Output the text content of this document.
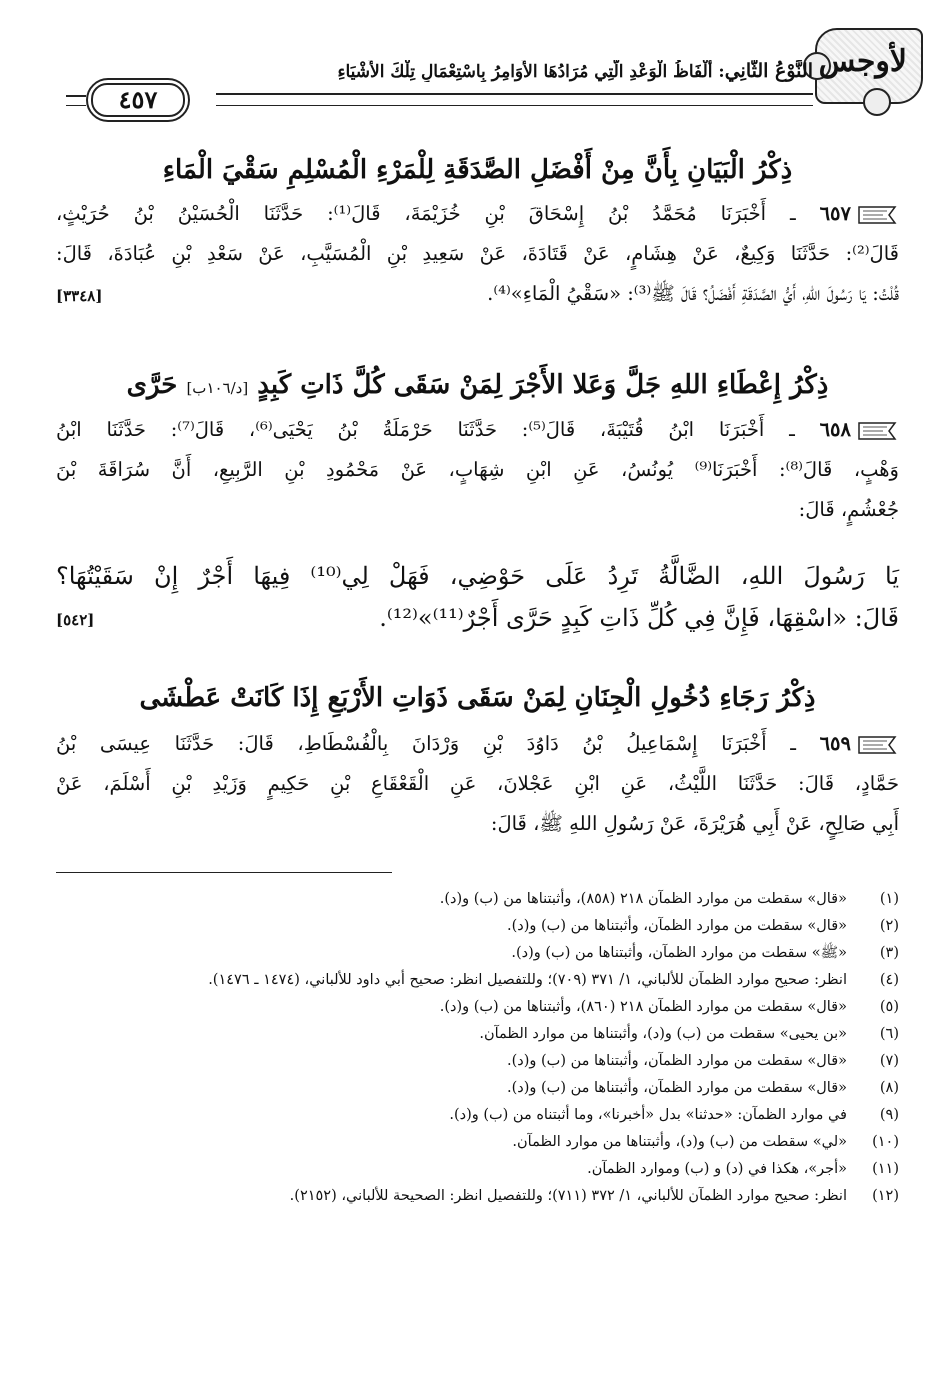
لأوجس
النَّوْعُ الثَّانِي: أَلْفَاظُ الْوَعْدِ الَّتِي مُرَادُهَا الأَوَامِرُ بِاسْتِعْمَالِ تِلْكَ الأَشْيَاءِ
٤٥٧
ذِكْرُ الْبَيَانِ بِأَنَّ مِنْ أَفْضَلِ الصَّدَقَةِ لِلْمَرْءِ الْمُسْلِمِ سَقْيَ الْمَاءِ
٦٥٧ ـ أَخْبَرَنَا مُحَمَّدُ بْنُ إِسْحَاقَ بْنِ خُزَيْمَةَ، قَالَ⁽¹⁾: حَدَّثَنَا الْحُسَيْنُ بْنُ حُرَيْثٍ،
قَالَ⁽²⁾: حَدَّثَنَا وَكِيعٌ، عَنْ هِشَامٍ، عَنْ قَتَادَةَ، عَنْ سَعِيدِ بْنِ الْمُسَيَّبِ، عَنْ سَعْدِ بْنِ عُبَادَةَ، قَالَ:
قُلْتُ: يَا رَسُولَ اللهِ، أَيُّ الصَّدَقَةِ أَفْضَلُ؟ قَالَ ﷺ⁽³⁾: «سَقْيُ الْمَاءِ»⁽⁴⁾.
[٣٣٤٨]
ذِكْرُ إِعْطَاءِ اللهِ جَلَّ وَعَلا الأَجْرَ لِمَنْ سَقَى كُلَّ ذَاتِ كَبِدٍ [د/١٠٦ب] حَرَّى
٦٥٨ ـ أَخْبَرَنَا ابْنُ قُتَيْبَةَ، قَالَ⁽⁵⁾: حَدَّثَنَا حَرْمَلَةُ بْنُ يَحْيَى⁽⁶⁾، قَالَ⁽⁷⁾: حَدَّثَنَا ابْنُ
وَهْبٍ، قَالَ⁽⁸⁾: أَخْبَرَنَا⁽⁹⁾ يُونُسُ، عَنِ ابْنِ شِهَابٍ، عَنْ مَحْمُودِ بْنِ الرَّبِيعِ، أَنَّ سُرَاقَةَ بْنَ
جُعْشُمٍ، قَالَ:
يَا رَسُولَ اللهِ، الضَّالَّةُ تَرِدُ عَلَى حَوْضِي، فَهَلْ لِي⁽¹⁰⁾ فِيهَا أَجْرٌ إِنْ سَقَيْتُهَا؟
قَالَ: «اسْقِهَا، فَإِنَّ فِي كُلِّ ذَاتِ كَبِدٍ حَرَّى أَجْرٌ⁽¹¹⁾»⁽¹²⁾.
[٥٤٢]
ذِكْرُ رَجَاءِ دُخُولِ الْجِنَانِ لِمَنْ سَقَى ذَوَاتِ الأَرْبَعِ إِذَا كَانَتْ عَطْشَى
٦٥٩ ـ أَخْبَرَنَا إِسْمَاعِيلُ بْنُ دَاوُدَ بْنِ وَرْدَانَ بِالْفُسْطَاطِ، قَالَ: حَدَّثَنَا عِيسَى بْنُ
حَمَّادٍ، قَالَ: حَدَّثَنَا اللَّيْثُ، عَنِ ابْنِ عَجْلانَ، عَنِ الْقَعْقَاعِ بْنِ حَكِيمٍ وَزَيْدِ بْنِ أَسْلَمَ، عَنْ
أَبِي صَالِحٍ، عَنْ أَبِي هُرَيْرَةَ، عَنْ رَسُولِ اللهِ ﷺ، قَالَ:
(١)
«قال» سقطت من موارد الظمآن ٢١٨ (٨٥٨)، وأثبتناها من (ب) و(د).
(٢)
«قال» سقطت من موارد الظمآن، وأثبتناها من (ب) و(د).
(٣)
«ﷺ» سقطت من موارد الظمآن، وأثبتناها من (ب) و(د).
(٤)
انظر: صحيح موارد الظمآن للألباني، ١/ ٣٧١ (٧٠٩)؛ وللتفصيل انظر: صحيح أبي داود للألباني، (١٤٧٤ ـ ١٤٧٦).
(٥)
«قال» سقطت من موارد الظمآن ٢١٨ (٨٦٠)، وأثبتناها من (ب) و(د).
(٦)
«بن يحيى» سقطت من (ب) و(د)، وأثبتناها من موارد الظمآن.
(٧)
«قال» سقطت من موارد الظمآن، وأثبتناها من (ب) و(د).
(٨)
«قال» سقطت من موارد الظمآن، وأثبتناها من (ب) و(د).
(٩)
في موارد الظمآن: «حدثنا» بدل «أخبرنا»، وما أثبتناه من (ب) و(د).
(١٠)
«لي» سقطت من (ب) و(د)، وأثبتناها من موارد الظمآن.
(١١)
«أجر»، هكذا في (د) و (ب) وموارد الظمآن.
(١٢)
انظر: صحيح موارد الظمآن للألباني، ١/ ٣٧٢ (٧١١)؛ وللتفصيل انظر: الصحيحة للألباني، (٢١٥٢).
